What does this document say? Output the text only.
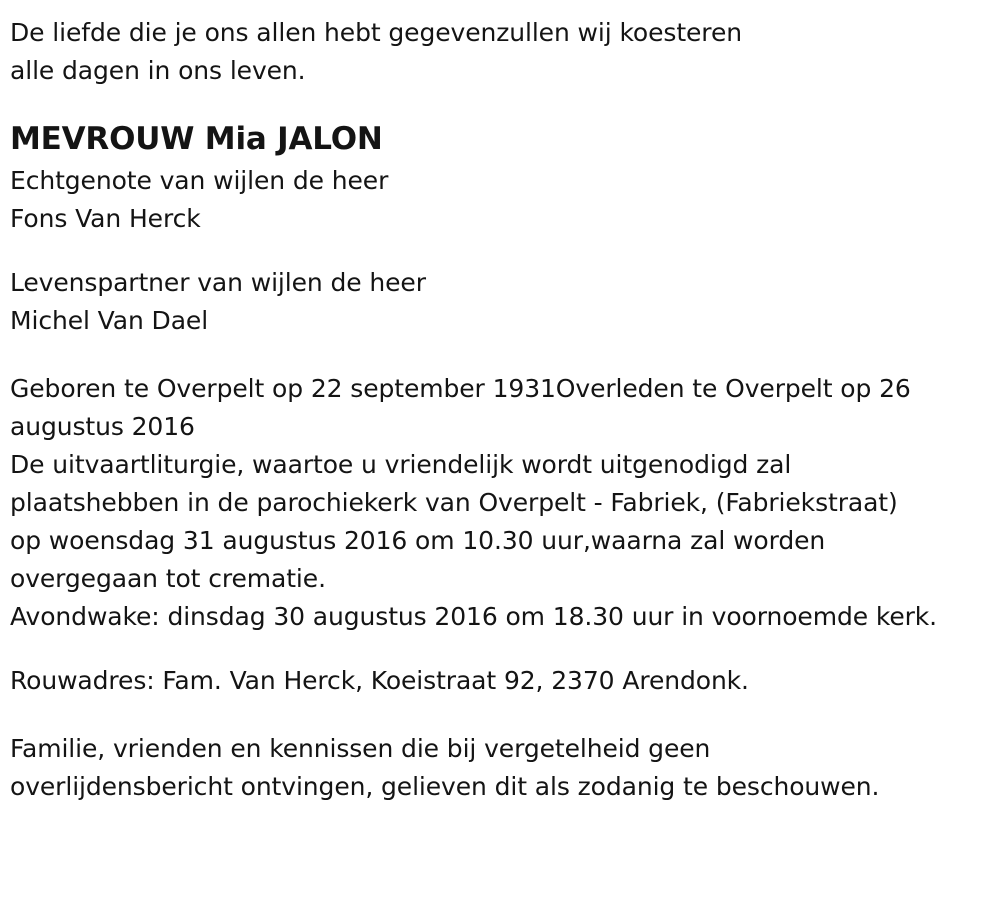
De liefde die je ons allen hebt gegevenzullen wij koesteren
alle dagen in ons leven.
MEVROUW Mia JALON
Echtgenote van wijlen de heer
Fons Van Herck
Levenspartner van wijlen de heer
Michel Van Dael
Geboren te Overpelt op 22 september 1931Overleden te Overpelt op 26
augustus 2016
De uitvaartliturgie, waartoe u vriendelijk wordt uitgenodigd zal
plaatshebben in de parochiekerk van Overpelt - Fabriek, (Fabriekstraat)
op woensdag 31 augustus 2016 om 10.30 uur,waarna zal worden
overgegaan tot crematie.
Avondwake: dinsdag 30 augustus 2016 om 18.30 uur in voornoemde kerk.
Rouwadres: Fam. Van Herck, Koeistraat 92, 2370 Arendonk.
Familie, vrienden en kennissen die bij vergetelheid geen
overlijdensbericht ontvingen, gelieven dit als zodanig te beschouwen.
